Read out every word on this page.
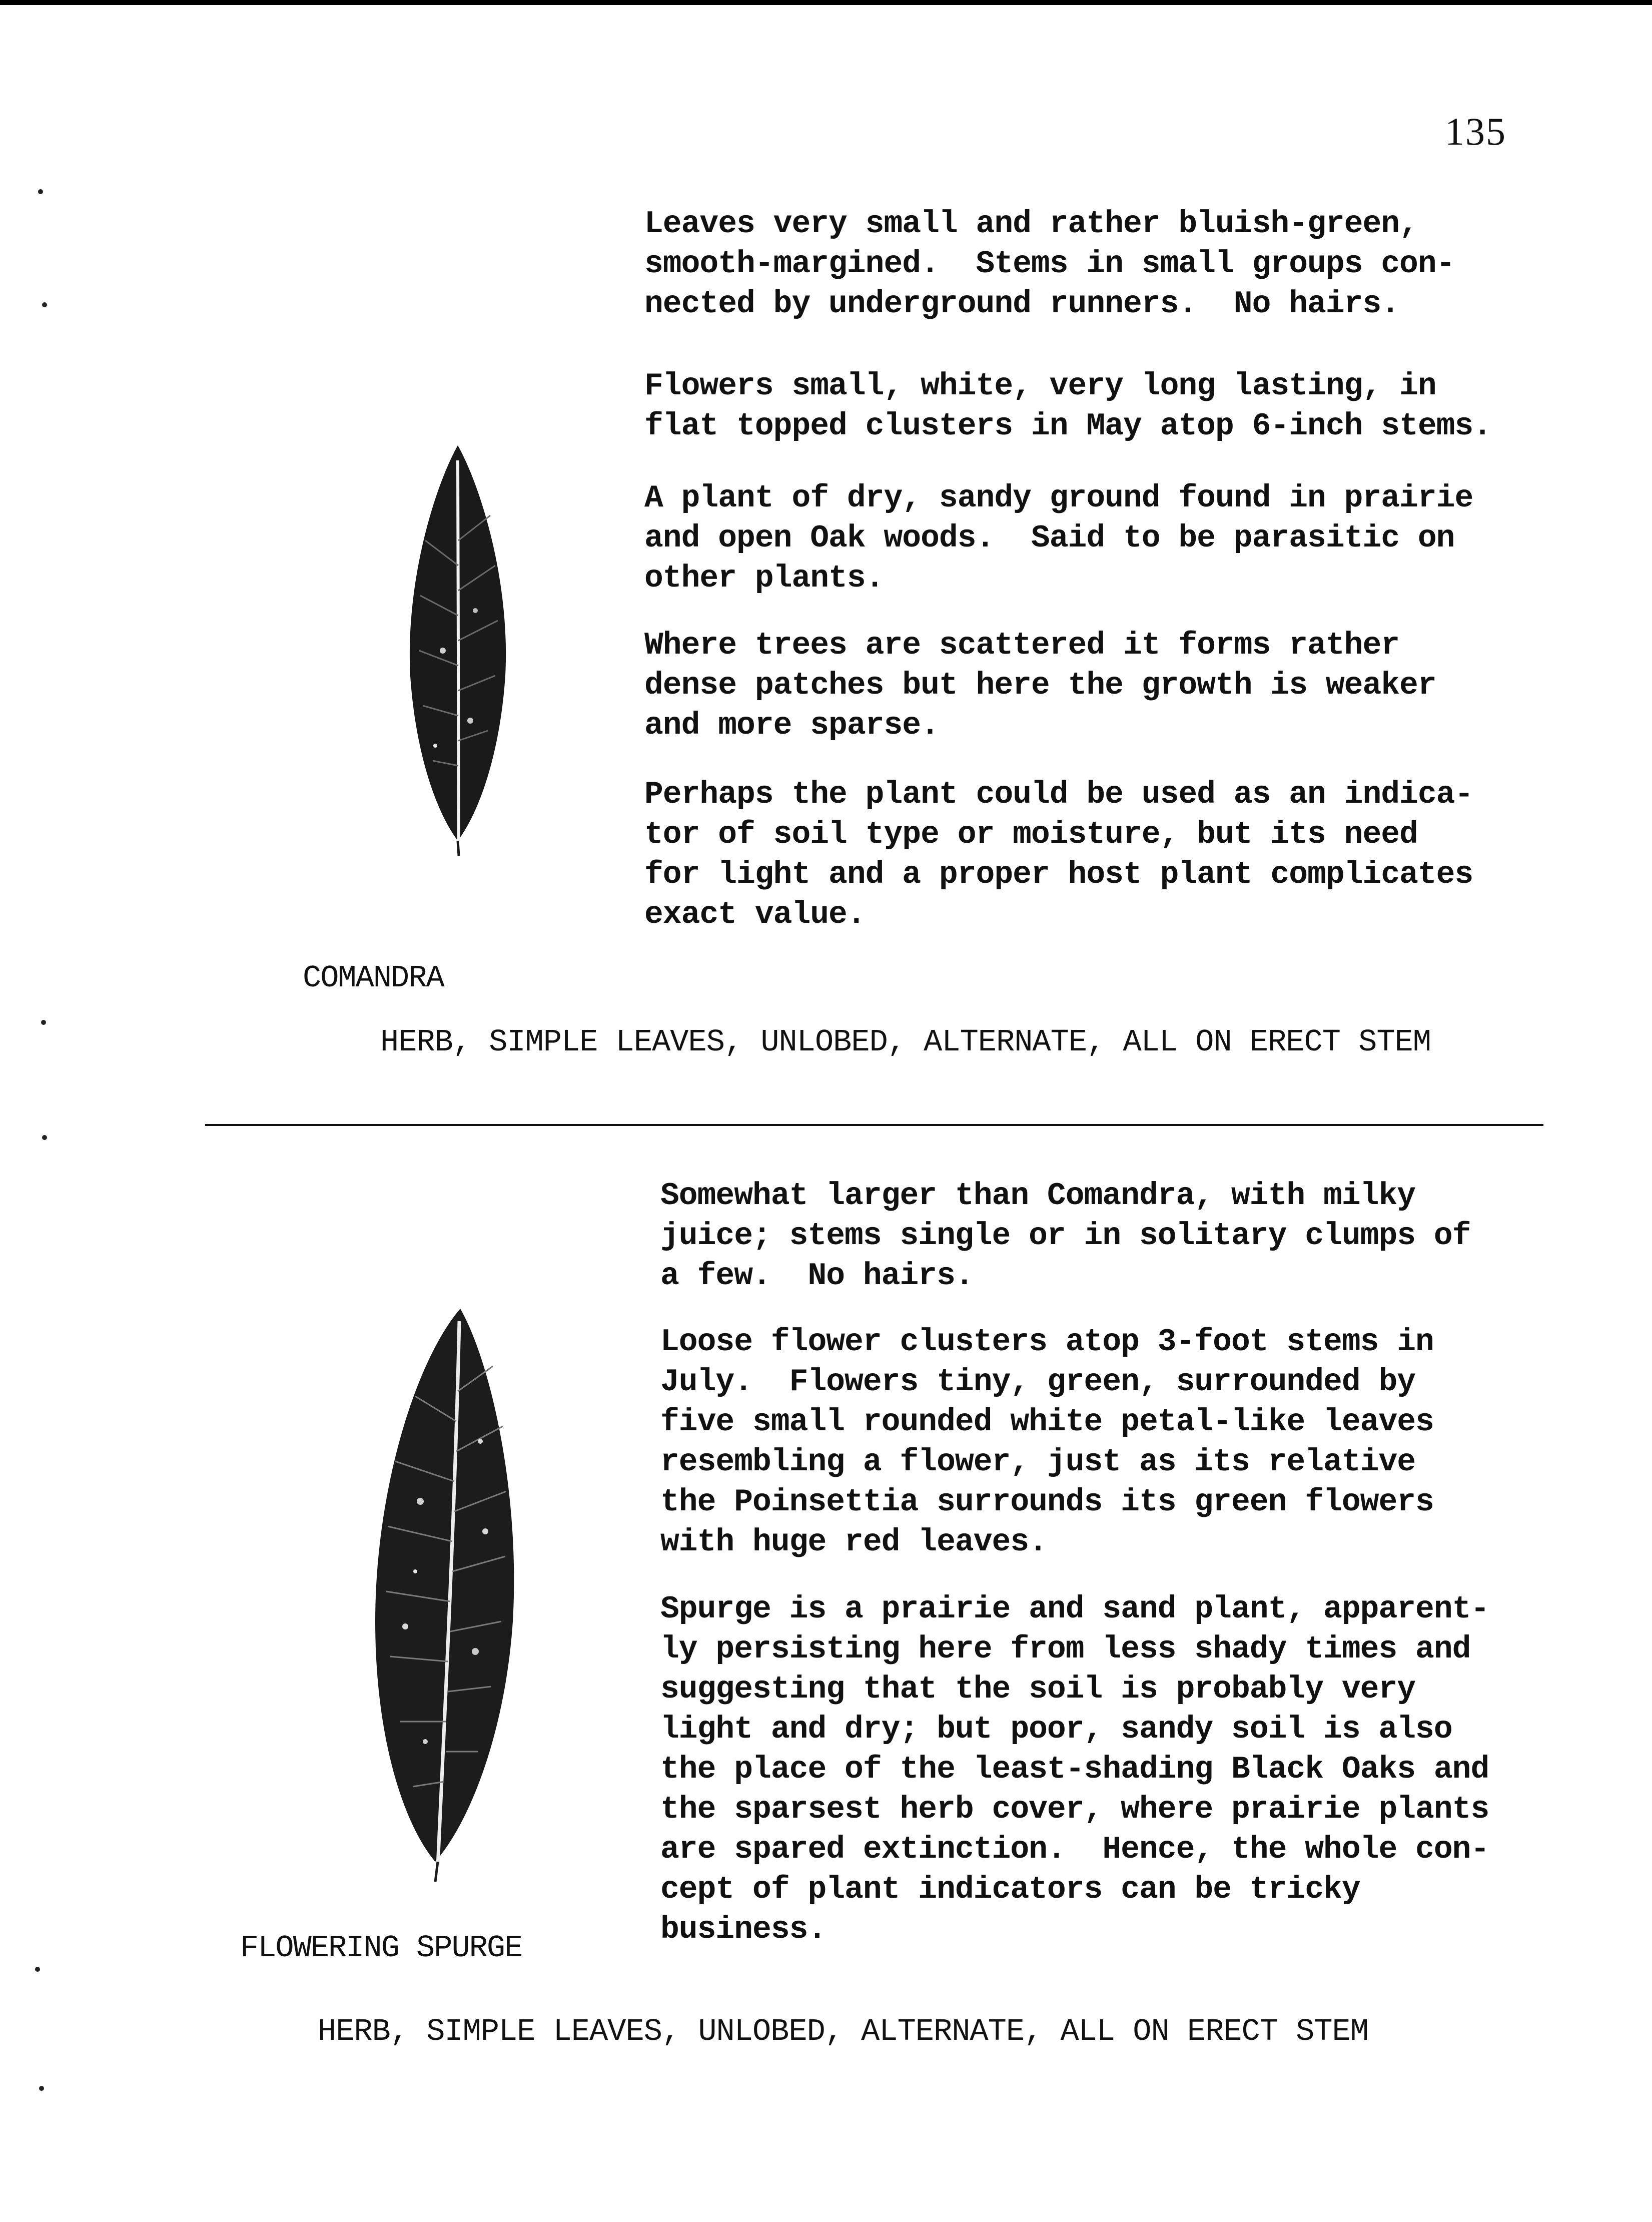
135

Leaves very small and rather bluish-green,
smooth-margined.  Stems in small groups con-
nected by underground runners.  No hairs.

Flowers small, white, very long lasting, in
flat topped clusters in May atop 6-inch stems.

A plant of dry, sandy ground found in prairie
and open Oak woods.  Said to be parasitic on
other plants.

Where trees are scattered it forms rather
dense patches but here the growth is weaker
and more sparse.

Perhaps the plant could be used as an indica-
tor of soil type or moisture, but its need
for light and a proper host plant complicates
exact value.

COMANDRA
HERB, SIMPLE LEAVES, UNLOBED, ALTERNATE, ALL ON ERECT STEM

Somewhat larger than Comandra, with milky
juice; stems single or in solitary clumps of
a few.  No hairs.

Loose flower clusters atop 3-foot stems in
July.  Flowers tiny, green, surrounded by
five small rounded white petal-like leaves
resembling a flower, just as its relative
the Poinsettia surrounds its green flowers
with huge red leaves.

Spurge is a prairie and sand plant, apparent-
ly persisting here from less shady times and
suggesting that the soil is probably very
light and dry; but poor, sandy soil is also
the place of the least-shading Black Oaks and
the sparsest herb cover, where prairie plants
are spared extinction.  Hence, the whole con-
cept of plant indicators can be tricky
business.

FLOWERING SPURGE
HERB, SIMPLE LEAVES, UNLOBED, ALTERNATE, ALL ON ERECT STEM
